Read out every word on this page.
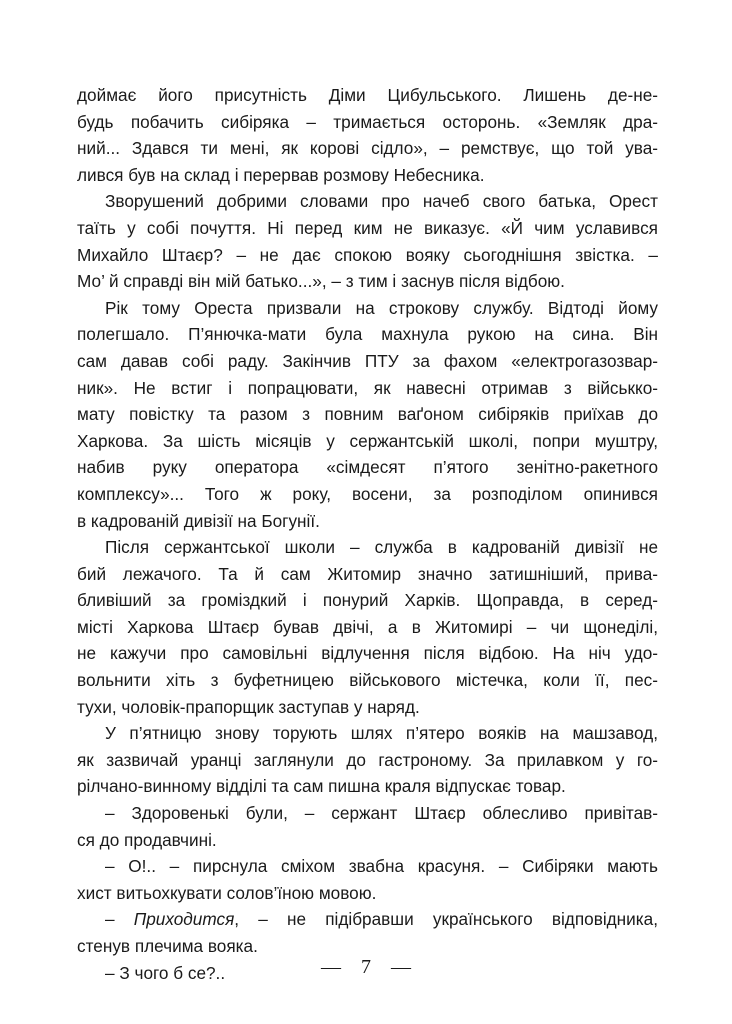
доймає його присутність Діми Цибульського. Лишень де-не-
будь побачить сибіряка – тримається осторонь. «Земляк дра-
ний... Здався ти мені, як корові сідло», – ремствує, що той ува-
лився був на склад і перервав розмову Небесника.
Зворушений добрими словами про начеб свого батька, Орест
таїть у собі почуття. Ні перед ким не виказує. «Й чим уславився
Михайло Штаєр? – не дає спокою вояку сьогоднішня звістка. –
Мо’ й справді він мій батько...», – з тим і заснув після відбою.
Рік тому Ореста призвали на строкову службу. Відтоді йому
полегшало. П’янючка-мати була махнула рукою на сина. Він
сам давав собі раду. Закінчив ПТУ за фахом «електрогазозвар-
ник». Не встиг і попрацювати, як навесні отримав з військко-
мату повістку та разом з повним ваґоном сибіряків приїхав до
Харкова. За шість місяців у сержантській школі, попри муштру,
набив руку оператора «сімдесят п’ятого зенітно-ракетного
комплексу»... Того ж року, восени, за розподілом опинився
в кадрованій дивізії на Богунії.
Після сержантської школи – служба в кадрованій дивізії не
бий лежачого. Та й сам Житомир значно затишніший, прива-
бливіший за громіздкий і понурий Харків. Щоправда, в серед-
місті Харкова Штаєр бував двічі, а в Житомирі – чи щонеділі,
не кажучи про самовільні відлучення після відбою. На ніч удо-
вольнити хіть з буфетницею військового містечка, коли її, пес-
тухи, чоловік-прапорщик заступав у наряд.
У п’ятницю знову торують шлях п’ятеро вояків на машзавод,
як зазвичай уранці заглянули до гастроному. За прилавком у го-
рілчано-винному відділі та сам пишна краля відпускає товар.
– Здоровенькі були, – сержант Штаєр облесливо привітав-
ся до продавчині.
– О!.. – пирснула сміхом звабна красуня. – Сибіряки мають
хист витьохкувати солов’їною мовою.
– Приходится, – не підібравши українського відповідника,
стенув плечима вояка.
– З чого б се?..	— 7 —
